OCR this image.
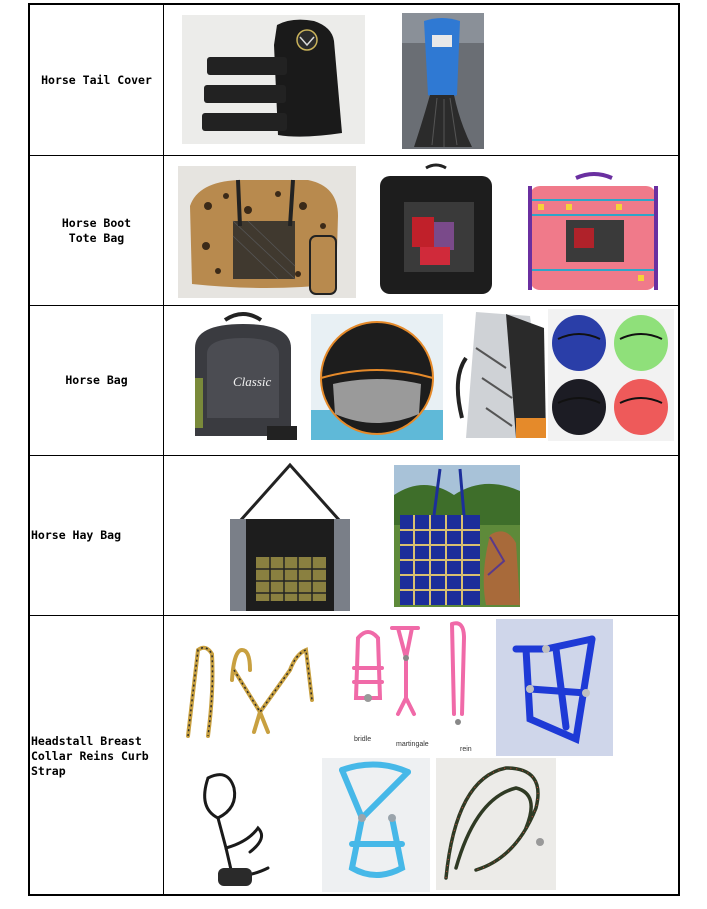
Horse Tail Cover
Horse Boot
Tote Bag
Horse Bag	Classic
Horse Hay Bag
Headstall Breast
Collar Reins Curb
Strap
bridle
martingale
rein
